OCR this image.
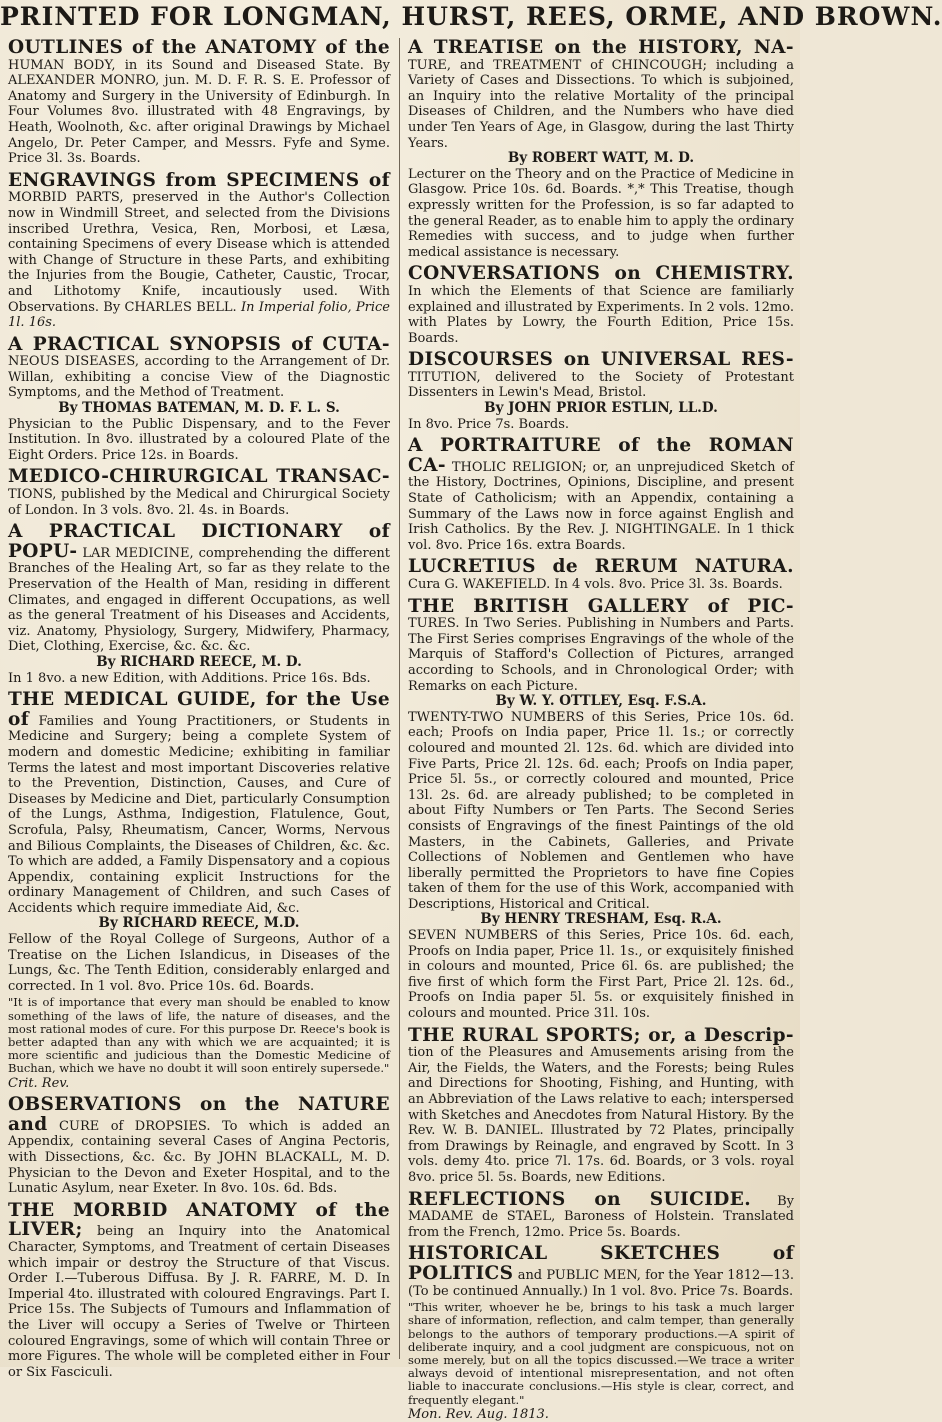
PRINTED FOR LONGMAN, HURST, REES, ORME, AND BROWN.
OUTLINES of the ANATOMY of the HUMAN BODY, in its Sound and Diseased State. By ALEXANDER MONRO, jun. M. D. F. R. S. E. Professor of Anatomy and Surgery in the University of Edinburgh. In Four Volumes 8vo. illustrated with 48 Engravings, by Heath, Woolnoth, &c. after original Drawings by Michael Angelo, Dr. Peter Camper, and Messrs. Fyfe and Syme. Price 3l. 3s. Boards.
ENGRAVINGS from SPECIMENS of MORBID PARTS, preserved in the Author's Collection now in Windmill Street, and selected from the Divisions inscribed Urethra, Vesica, Ren, Morbosi, et Læsa, containing Specimens of every Disease which is attended with Change of Structure in these Parts, and exhibiting the Injuries from the Bougie, Catheter, Caustic, Trocar, and Lithotomy Knife, incautiously used. With Observations. By CHARLES BELL. In Imperial folio, Price 1l. 16s.
A PRACTICAL SYNOPSIS of CUTA- NEOUS DISEASES, according to the Arrangement of Dr. Willan, exhibiting a concise View of the Diagnostic Symptoms, and the Method of Treatment.
By THOMAS BATEMAN, M. D. F. L. S.
Physician to the Public Dispensary, and to the Fever Institution. In 8vo. illustrated by a coloured Plate of the Eight Orders. Price 12s. in Boards.
MEDICO-CHIRURGICAL TRANSAC- TIONS, published by the Medical and Chirurgical Society of London. In 3 vols. 8vo. 2l. 4s. in Boards.
A PRACTICAL DICTIONARY of POPU- LAR MEDICINE, comprehending the different Branches of the Healing Art, so far as they relate to the Preservation of the Health of Man, residing in different Climates, and engaged in different Occupations, as well as the general Treatment of his Diseases and Accidents, viz. Anatomy, Physiology, Surgery, Midwifery, Pharmacy, Diet, Clothing, Exercise, &c. &c. &c.
By RICHARD REECE, M. D.
In 1 8vo. a new Edition, with Additions. Price 16s. Bds.
THE MEDICAL GUIDE, for the Use of Families and Young Practitioners, or Students in Medicine and Surgery; being a complete System of modern and domestic Medicine; exhibiting in familiar Terms the latest and most important Discoveries relative to the Prevention, Distinction, Causes, and Cure of Diseases by Medicine and Diet, particularly Consumption of the Lungs, Asthma, Indigestion, Flatulence, Gout, Scrofula, Palsy, Rheumatism, Cancer, Worms, Nervous and Bilious Complaints, the Diseases of Children, &c. &c. To which are added, a Family Dispensatory and a copious Appendix, containing explicit Instructions for the ordinary Management of Children, and such Cases of Accidents which require immediate Aid, &c.
By RICHARD REECE, M.D.
Fellow of the Royal College of Surgeons, Author of a Treatise on the Lichen Islandicus, in Diseases of the Lungs, &c. The Tenth Edition, considerably enlarged and corrected. In 1 vol. 8vo. Price 10s. 6d. Boards.
"It is of importance that every man should be enabled to know something of the laws of life, the nature of diseases, and the most rational modes of cure. For this purpose Dr. Reece's book is better adapted than any with which we are acquainted; it is more scientific and judicious than the Domestic Medicine of Buchan, which we have no doubt it will soon entirely supersede."
Crit. Rev.
OBSERVATIONS on the NATURE and CURE of DROPSIES. To which is added an Appendix, containing several Cases of Angina Pectoris, with Dissections, &c. &c. By JOHN BLACKALL, M. D. Physician to the Devon and Exeter Hospital, and to the Lunatic Asylum, near Exeter. In 8vo. 10s. 6d. Bds.
THE MORBID ANATOMY of the LIVER; being an Inquiry into the Anatomical Character, Symptoms, and Treatment of certain Diseases which impair or destroy the Structure of that Viscus. Order I.—Tuberous Diffusa. By J. R. FARRE, M. D. In Imperial 4to. illustrated with coloured Engravings. Part I. Price 15s. The Subjects of Tumours and Inflammation of the Liver will occupy a Series of Twelve or Thirteen coloured Engravings, some of which will contain Three or more Figures. The whole will be completed either in Four or Six Fasciculi.
A TREATISE on the HISTORY, NA- TURE, and TREATMENT of CHINCOUGH; including a Variety of Cases and Dissections. To which is subjoined, an Inquiry into the relative Mortality of the principal Diseases of Children, and the Numbers who have died under Ten Years of Age, in Glasgow, during the last Thirty Years.
By ROBERT WATT, M. D.
Lecturer on the Theory and on the Practice of Medicine in Glasgow. Price 10s. 6d. Boards. *,* This Treatise, though expressly written for the Profession, is so far adapted to the general Reader, as to enable him to apply the ordinary Remedies with success, and to judge when further medical assistance is necessary.
CONVERSATIONS on CHEMISTRY. In which the Elements of that Science are familiarly explained and illustrated by Experiments. In 2 vols. 12mo. with Plates by Lowry, the Fourth Edition, Price 15s. Boards.
DISCOURSES on UNIVERSAL RES- TITUTION, delivered to the Society of Protestant Dissenters in Lewin's Mead, Bristol.
By JOHN PRIOR ESTLIN, LL.D.
In 8vo. Price 7s. Boards.
A PORTRAITURE of the ROMAN CA- THOLIC RELIGION; or, an unprejudiced Sketch of the History, Doctrines, Opinions, Discipline, and present State of Catholicism; with an Appendix, containing a Summary of the Laws now in force against English and Irish Catholics. By the Rev. J. NIGHTINGALE. In 1 thick vol. 8vo. Price 16s. extra Boards.
LUCRETIUS de RERUM NATURA. Cura G. WAKEFIELD. In 4 vols. 8vo. Price 3l. 3s. Boards.
THE BRITISH GALLERY of PIC- TURES. In Two Series. Publishing in Numbers and Parts. The First Series comprises Engravings of the whole of the Marquis of Stafford's Collection of Pictures, arranged according to Schools, and in Chronological Order; with Remarks on each Picture.
By W. Y. OTTLEY, Esq. F.S.A.
TWENTY-TWO NUMBERS of this Series, Price 10s. 6d. each; Proofs on India paper, Price 1l. 1s.; or correctly coloured and mounted 2l. 12s. 6d. which are divided into Five Parts, Price 2l. 12s. 6d. each; Proofs on India paper, Price 5l. 5s., or correctly coloured and mounted, Price 13l. 2s. 6d. are already published; to be completed in about Fifty Numbers or Ten Parts. The Second Series consists of Engravings of the finest Paintings of the old Masters, in the Cabinets, Galleries, and Private Collections of Noblemen and Gentlemen who have liberally permitted the Proprietors to have fine Copies taken of them for the use of this Work, accompanied with Descriptions, Historical and Critical.
By HENRY TRESHAM, Esq. R.A.
SEVEN NUMBERS of this Series, Price 10s. 6d. each, Proofs on India paper, Price 1l. 1s., or exquisitely finished in colours and mounted, Price 6l. 6s. are published; the five first of which form the First Part, Price 2l. 12s. 6d., Proofs on India paper 5l. 5s. or exquisitely finished in colours and mounted. Price 31l. 10s.
THE RURAL SPORTS; or, a Descrip- tion of the Pleasures and Amusements arising from the Air, the Fields, the Waters, and the Forests; being Rules and Directions for Shooting, Fishing, and Hunting, with an Abbreviation of the Laws relative to each; interspersed with Sketches and Anecdotes from Natural History. By the Rev. W. B. DANIEL. Illustrated by 72 Plates, principally from Drawings by Reinagle, and engraved by Scott. In 3 vols. demy 4to. price 7l. 17s. 6d. Boards, or 3 vols. royal 8vo. price 5l. 5s. Boards, new Editions.
REFLECTIONS on SUICIDE. By MADAME de STAEL, Baroness of Holstein. Translated from the French, 12mo. Price 5s. Boards.
HISTORICAL SKETCHES of POLITICS and PUBLIC MEN, for the Year 1812—13. (To be continued Annually.) In 1 vol. 8vo. Price 7s. Boards.
"This writer, whoever he be, brings to his task a much larger share of information, reflection, and calm temper, than generally belongs to the authors of temporary productions.—A spirit of deliberate inquiry, and a cool judgment are conspicuous, not on some merely, but on all the topics discussed.—We trace a writer always devoid of intentional misrepresentation, and not often liable to inaccurate conclusions.—His style is clear, correct, and frequently elegant."
Mon. Rev. Aug. 1813.
